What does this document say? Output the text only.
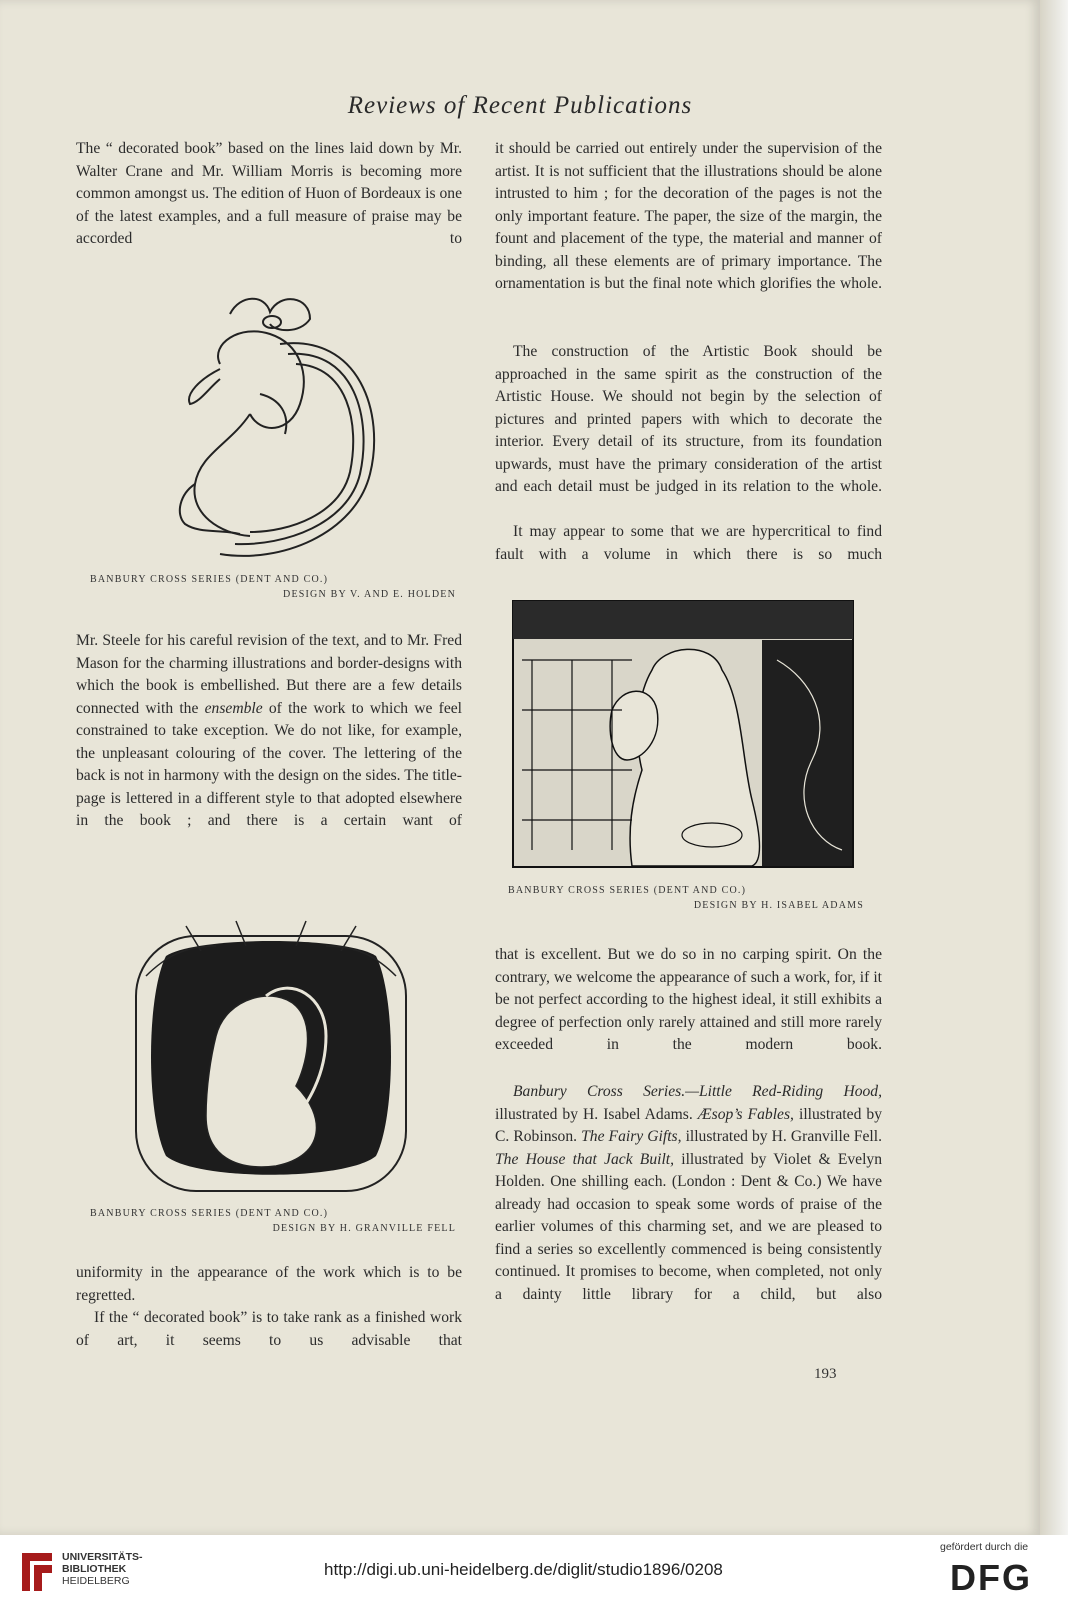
Reviews of Recent Publications

The “ decorated book” based on the lines laid down by Mr. Walter Crane and Mr. William Morris is becoming more common amongst us. The edition of Huon of Bordeaux is one of the latest examples, and a full measure of praise may be accorded to

BANBURY CROSS SERIES (DENT AND CO.)
DESIGN BY V. AND E. HOLDEN

Mr. Steele for his careful revision of the text, and to Mr. Fred Mason for the charming illustrations and border-designs with which the book is embellished. But there are a few details connected with the ensemble of the work to which we feel constrained to take exception. We do not like, for example, the unpleasant colouring of the cover. The lettering of the back is not in harmony with the design on the sides. The title-page is lettered in a different style to that adopted elsewhere in the book ; and there is a certain want of

BANBURY CROSS SERIES (DENT AND CO.)
DESIGN BY H. GRANVILLE FELL

uniformity in the appearance of the work which is to be regretted.

If the “ decorated book” is to take rank as a finished work of art, it seems to us advisable that

it should be carried out entirely under the supervision of the artist. It is not sufficient that the illustrations should be alone intrusted to him ; for the decoration of the pages is not the only important feature. The paper, the size of the margin, the fount and placement of the type, the material and manner of binding, all these elements are of primary importance. The ornamentation is but the final note which glorifies the whole.

The construction of the Artistic Book should be approached in the same spirit as the construction of the Artistic House. We should not begin by the selection of pictures and printed papers with which to decorate the interior. Every detail of its structure, from its foundation upwards, must have the primary consideration of the artist and each detail must be judged in its relation to the whole.

It may appear to some that we are hypercritical to find fault with a volume in which there is so much

BANBURY CROSS SERIES (DENT AND CO.)
DESIGN BY H. ISABEL ADAMS

that is excellent. But we do so in no carping spirit. On the contrary, we welcome the appearance of such a work, for, if it be not perfect according to the highest ideal, it still exhibits a degree of perfection only rarely attained and still more rarely exceeded in the modern book.

Banbury Cross Series.—Little Red-Riding Hood, illustrated by H. Isabel Adams. Æsop’s Fables, illustrated by C. Robinson. The Fairy Gifts, illustrated by H. Granville Fell. The House that Jack Built, illustrated by Violet & Evelyn Holden. One shilling each. (London : Dent & Co.) We have already had occasion to speak some words of praise of the earlier volumes of this charming set, and we are pleased to find a series so excellently commenced is being consistently continued. It promises to become, when completed, not only a dainty little library for a child, but also

193
UNIVERSITÄTS-
BIBLIOTHEK
HEIDELBERG
http://digi.ub.uni-heidelberg.de/diglit/studio1896/0208
gefördert durch die
DFG
